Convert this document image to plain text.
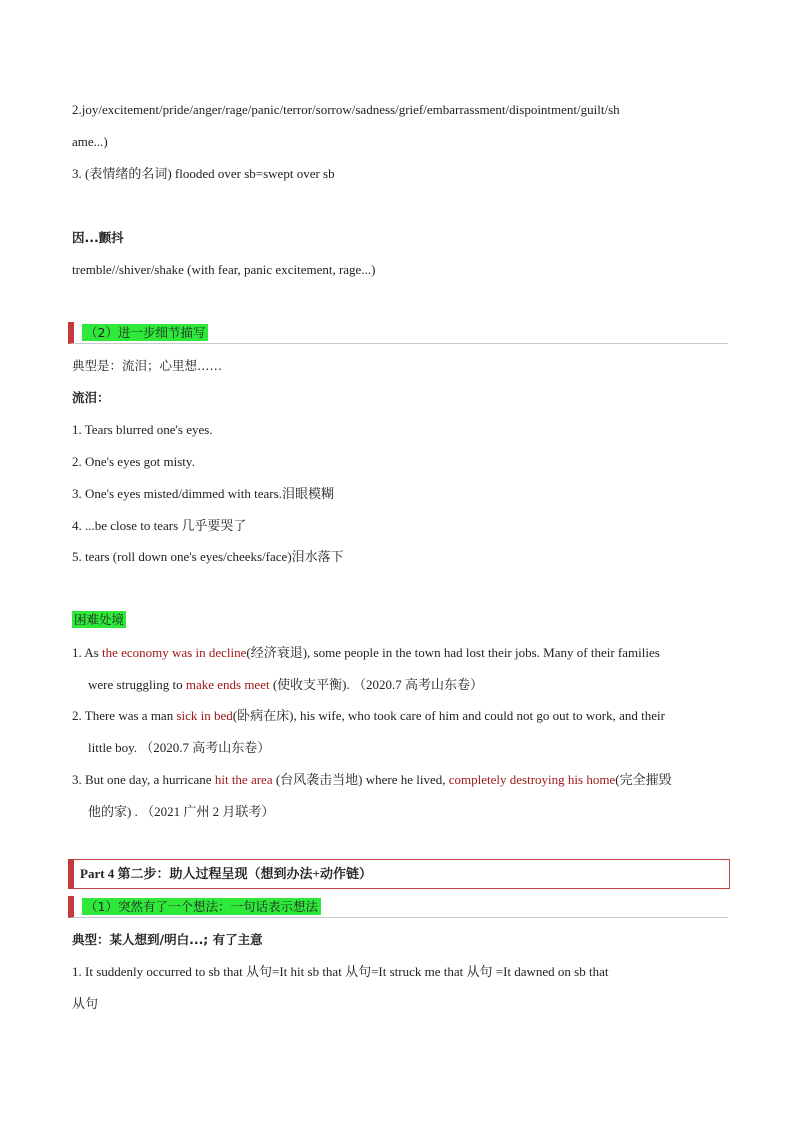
2.joy/excitement/pride/anger/rage/panic/terror/sorrow/sadness/grief/embarrassment/dispointment/guilt/sh
ame...)
3. (表情绪的名词) flooded over sb=swept over sb
因...颤抖
tremble//shiver/shake (with fear, panic excitement, rage...)
（2）进一步细节描写
典型是：流泪；心里想……
流泪：
1. Tears blurred one's eyes.
2. One's eyes got misty.
3. One's eyes misted/dimmed with tears.泪眼模糊
4. ...be close to tears 几乎要哭了
5. tears (roll down one's eyes/cheeks/face)泪水落下
困难处境
1. As the economy was in decline(经济衰退), some people in the town had lost their jobs. Many of their families
were struggling to make ends meet (使收支平衡). （2020.7 高考山东卷）
2. There was a man sick in bed(卧病在床), his wife, who took care of him and could not go out to work, and their
little boy. （2020.7 高考山东卷）
3. But one day, a hurricane hit the area (台风袭击当地) where he lived, completely destroying his home(完全摧毁
他的家) . （2021 广州 2 月联考）
Part 4 第二步：助人过程呈现（想到办法+动作链）
（1）突然有了一个想法：一句话表示想法
典型：某人想到/明白...; 有了主意
1. It suddenly occurred to sb that 从句=It hit sb that 从句=It struck me that 从句 =It dawned on sb that
从句
